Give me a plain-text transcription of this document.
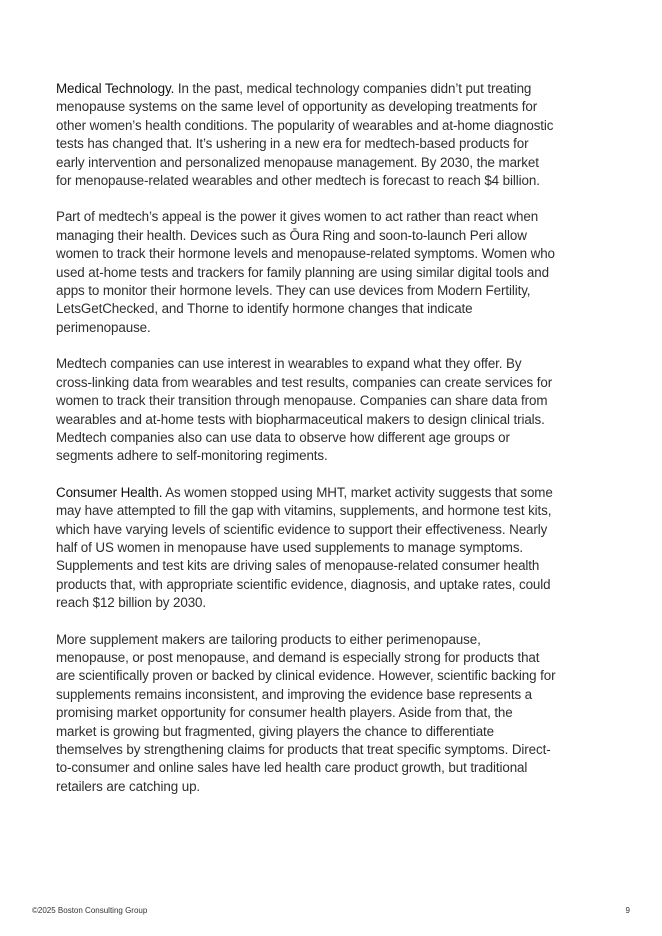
Medical Technology. In the past, medical technology companies didn’t put treating menopause systems on the same level of opportunity as developing treatments for other women’s health conditions. The popularity of wearables and at-home diagnostic tests has changed that. It’s ushering in a new era for medtech-based products for early intervention and personalized menopause management. By 2030, the market for menopause-related wearables and other medtech is forecast to reach $4 billion.

Part of medtech’s appeal is the power it gives women to act rather than react when managing their health. Devices such as Ōura Ring and soon-to-launch Peri allow women to track their hormone levels and menopause-related symptoms. Women who used at-home tests and trackers for family planning are using similar digital tools and apps to monitor their hormone levels. They can use devices from Modern Fertility, LetsGetChecked, and Thorne to identify hormone changes that indicate perimenopause.

Medtech companies can use interest in wearables to expand what they offer. By cross-linking data from wearables and test results, companies can create services for women to track their transition through menopause. Companies can share data from wearables and at-home tests with biopharmaceutical makers to design clinical trials. Medtech companies also can use data to observe how different age groups or segments adhere to self-monitoring regiments.

Consumer Health. As women stopped using MHT, market activity suggests that some may have attempted to fill the gap with vitamins, supplements, and hormone test kits, which have varying levels of scientific evidence to support their effectiveness. Nearly half of US women in menopause have used supplements to manage symptoms. Supplements and test kits are driving sales of menopause-related consumer health products that, with appropriate scientific evidence, diagnosis, and uptake rates, could reach $12 billion by 2030.

More supplement makers are tailoring products to either perimenopause, menopause, or post menopause, and demand is especially strong for products that are scientifically proven or backed by clinical evidence. However, scientific backing for supplements remains inconsistent, and improving the evidence base represents a promising market opportunity for consumer health players. Aside from that, the market is growing but fragmented, giving players the chance to differentiate themselves by strengthening claims for products that treat specific symptoms. Direct-to-consumer and online sales have led health care product growth, but traditional retailers are catching up.

©2025 Boston Consulting Group	9
